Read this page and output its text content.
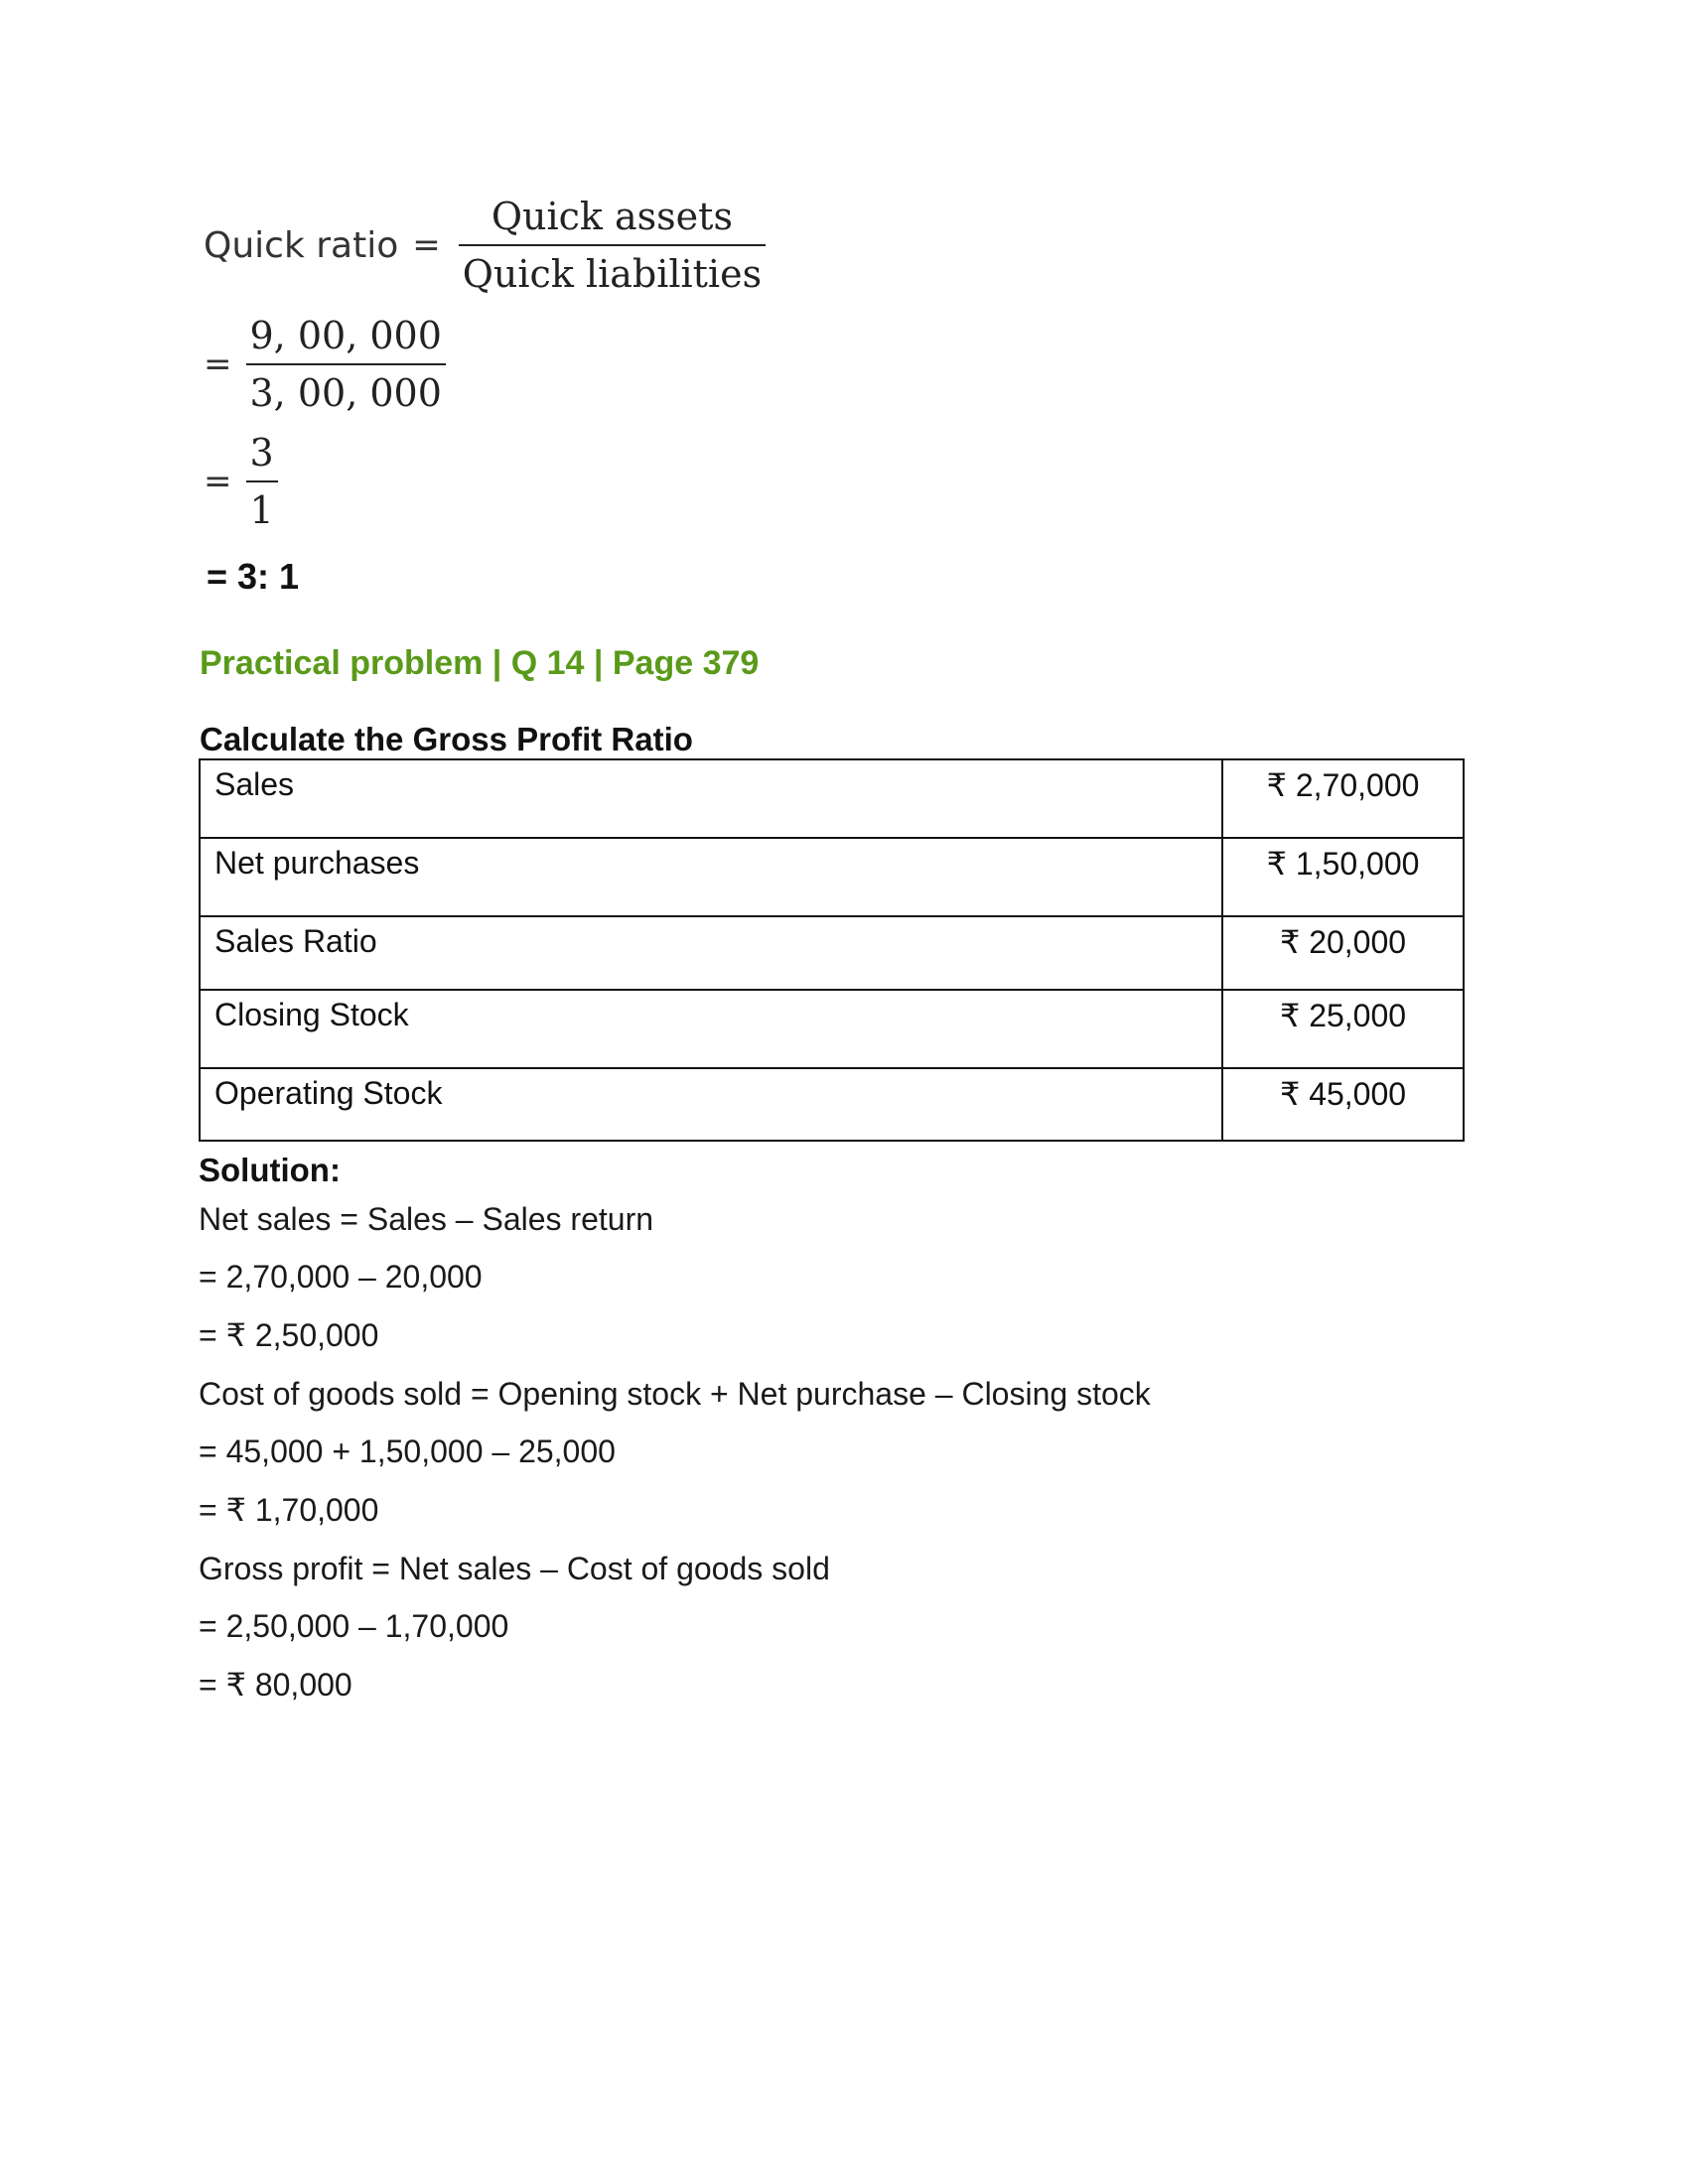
Quick ratio = $\frac{\text{Quick assets}}{\text{Quick liabilities}}$
= $\frac{9, 00, 000}{3, 00, 000}$
= $\frac{3}{1}$
= 3: 1
Practical problem | Q 14 | Page 379
Calculate the Gross Profit Ratio
Sales	₹ 2,70,000
Net purchases	₹ 1,50,000
Sales Ratio	₹ 20,000
Closing Stock	₹ 25,000
Operating Stock	₹ 45,000
Solution:
Net sales = Sales – Sales return
= 2,70,000 – 20,000
= ₹ 2,50,000
Cost of goods sold = Opening stock + Net purchase – Closing stock
= 45,000 + 1,50,000 – 25,000
= ₹ 1,70,000
Gross profit = Net sales – Cost of goods sold
= 2,50,000 – 1,70,000
= ₹ 80,000
